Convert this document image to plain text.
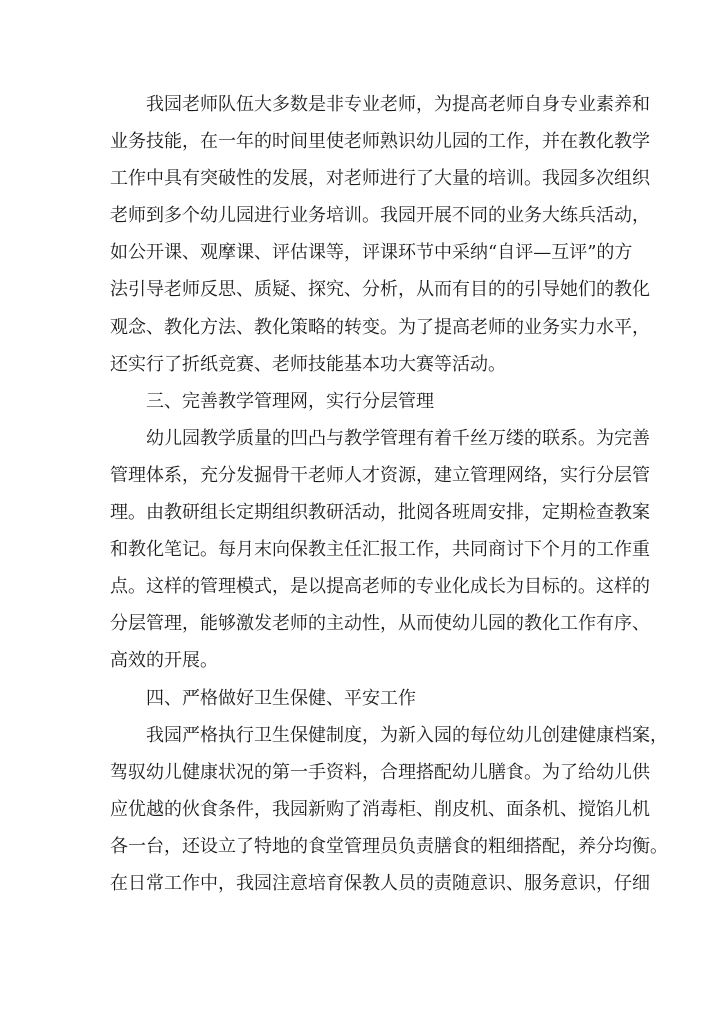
我园老师队伍大多数是非专业老师，为提高老师自身专业素养和
业务技能，在一年的时间里使老师熟识幼儿园的工作，并在教化教学
工作中具有突破性的发展，对老师进行了大量的培训。我园多次组织
老师到多个幼儿园进行业务培训。我园开展不同的业务大练兵活动，
如公开课、观摩课、评估课等，评课环节中采纳“自评—互评”的方
法引导老师反思、质疑、探究、分析，从而有目的的引导她们的教化
观念、教化方法、教化策略的转变。为了提高老师的业务实力水平，
还实行了折纸竞赛、老师技能基本功大赛等活动。
三、完善教学管理网，实行分层管理
幼儿园教学质量的凹凸与教学管理有着千丝万缕的联系。为完善
管理体系，充分发掘骨干老师人才资源，建立管理网络，实行分层管
理。由教研组长定期组织教研活动，批阅各班周安排，定期检查教案
和教化笔记。每月末向保教主任汇报工作，共同商讨下个月的工作重
点。这样的管理模式，是以提高老师的专业化成长为目标的。这样的
分层管理，能够激发老师的主动性，从而使幼儿园的教化工作有序、
高效的开展。
四、严格做好卫生保健、平安工作
我园严格执行卫生保健制度，为新入园的每位幼儿创建健康档案，
驾驭幼儿健康状况的第一手资料，合理搭配幼儿膳食。为了给幼儿供
应优越的伙食条件，我园新购了消毒柜、削皮机、面条机、搅馅儿机
各一台，还设立了特地的食堂管理员负责膳食的粗细搭配，养分均衡。
在日常工作中，我园注意培育保教人员的责随意识、服务意识，仔细
